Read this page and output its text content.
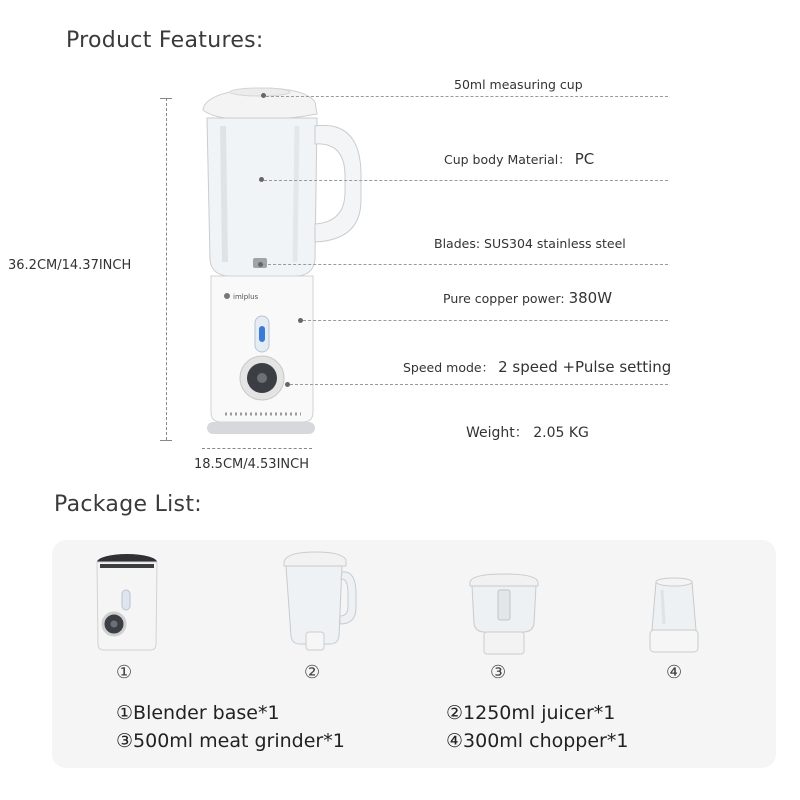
Product Features:
Package List:
36.2CM/14.37INCH
18.5CM/4.53INCH
imlplus
50ml measuring cup
Cup body Material： PC
Blades: SUS304 stainless steel
Pure copper power: 380W
Speed mode： 2 speed +Pulse setting
Weight： 2.05 KG
①	②	③	④
①Blender base*1	②1250ml juicer*1
③500ml meat grinder*1	④300ml chopper*1
